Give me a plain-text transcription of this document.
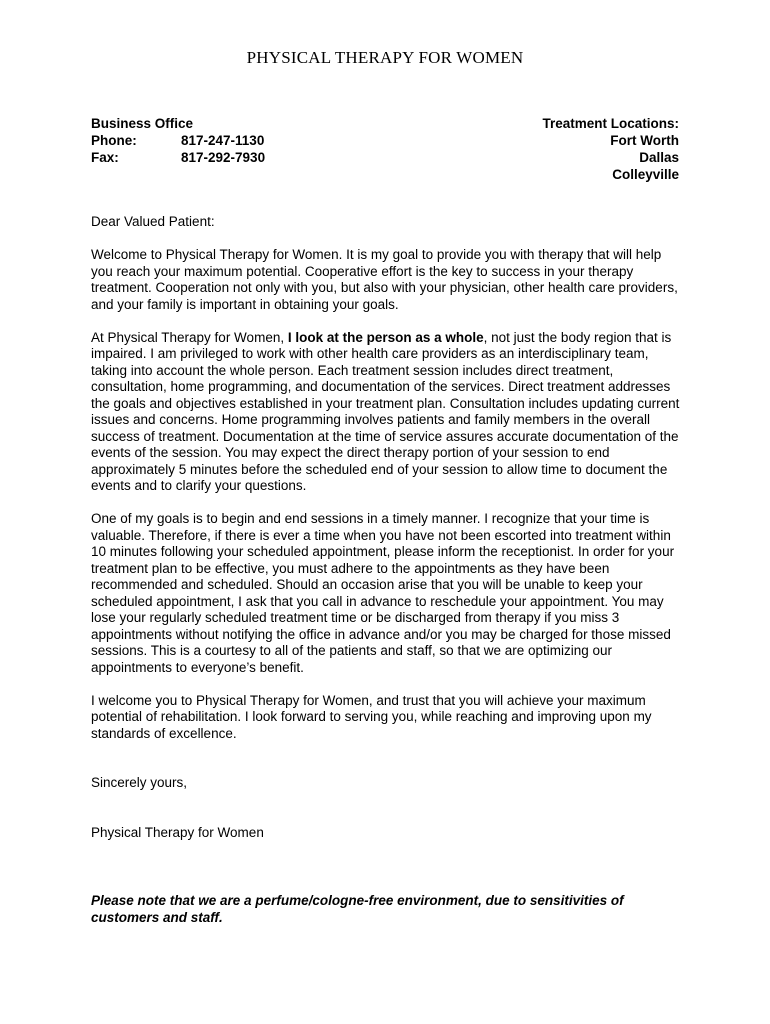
PHYSICAL THERAPY FOR WOMEN
Business Office
Phone:	817-247-1130
Fax:	817-292-7930
Treatment Locations:
Fort Worth
Dallas
Colleyville

Dear Valued Patient:

Welcome to Physical Therapy for Women. It is my goal to provide you with therapy that will help you reach your maximum potential. Cooperative effort is the key to success in your therapy treatment. Cooperation not only with you, but also with your physician, other health care providers, and your family is important in obtaining your goals.

At Physical Therapy for Women, I look at the person as a whole, not just the body region that is impaired. I am privileged to work with other health care providers as an interdisciplinary team, taking into account the whole person. Each treatment session includes direct treatment, consultation, home programming, and documentation of the services. Direct treatment addresses the goals and objectives established in your treatment plan. Consultation includes updating current issues and concerns. Home programming involves patients and family members in the overall success of treatment. Documentation at the time of service assures accurate documentation of the events of the session. You may expect the direct therapy portion of your session to end approximately 5 minutes before the scheduled end of your session to allow time to document the events and to clarify your questions.

One of my goals is to begin and end sessions in a timely manner. I recognize that your time is valuable. Therefore, if there is ever a time when you have not been escorted into treatment within 10 minutes following your scheduled appointment, please inform the receptionist. In order for your treatment plan to be effective, you must adhere to the appointments as they have been recommended and scheduled. Should an occasion arise that you will be unable to keep your scheduled appointment, I ask that you call in advance to reschedule your appointment. You may lose your regularly scheduled treatment time or be discharged from therapy if you miss 3 appointments without notifying the office in advance and/or you may be charged for those missed sessions. This is a courtesy to all of the patients and staff, so that we are optimizing our appointments to everyone’s benefit.

I welcome you to Physical Therapy for Women, and trust that you will achieve your maximum potential of rehabilitation. I look forward to serving you, while reaching and improving upon my standards of excellence.

Sincerely yours,

Physical Therapy for Women

Please note that we are a perfume/cologne-free environment, due to sensitivities of customers and staff.
